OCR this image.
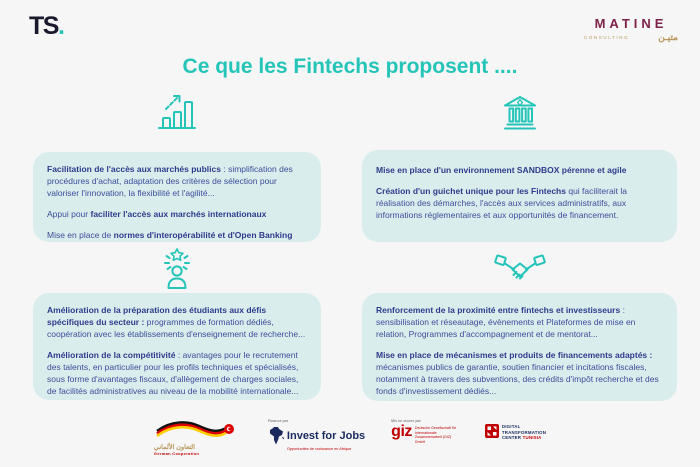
TS.	MATINE
CONSULTING	متيـن
Ce que les Fintechs proposent ....

Facilitation de l'accès aux marchés publics : simplification des procédures d'achat, adaptation des critères de sélection pour valoriser l'innovation, la flexibilité et l'agilité...

Appui pour faciliter l'accès aux marchés internationaux

Mise en place de normes d'interopérabilité et d'Open Banking

Mise en place d'un environnement SANDBOX pérenne et agile

Création d'un guichet unique pour les Fintechs qui faciliterait la réalisation des démarches, l'accès aux services administratifs, aux informations réglementaires et aux opportunités de financement.

Amélioration de la préparation des étudiants aux défis spécifiques du secteur : programmes de formation dédiés, coopération avec les établissements d'enseignement de recherche...

Amélioration de la compétitivité : avantages pour le recrutement des talents, en particulier pour les profils techniques et spécialisés, sous forme d'avantages fiscaux, d'allègement de charges sociales, de facilités administratives au niveau de la mobilité internationale...

Renforcement de la proximité entre fintechs et investisseurs : sensibilisation et réseautage, évènements et Plateformes de mise en relation, Programmes d'accompagnement et de mentorat...

Mise en place de mécanismes et produits de financements adaptés : mécanismes publics de garantie, soutien financier et incitations fiscales, notamment à travers des subventions, des crédits d'impôt recherche et des fonds d'investissement dédiés...

التعاون الألماني
German Cooperation
Financé par
Invest for Jobs
Opportunités de croissance en Afrique
Mis en œuvre par
giz Deutsche Gesellschaft für Internationale Zusammenarbeit (GIZ) GmbH
DIGITAL
TRANSFORMATION
CENTER TUNISIA
